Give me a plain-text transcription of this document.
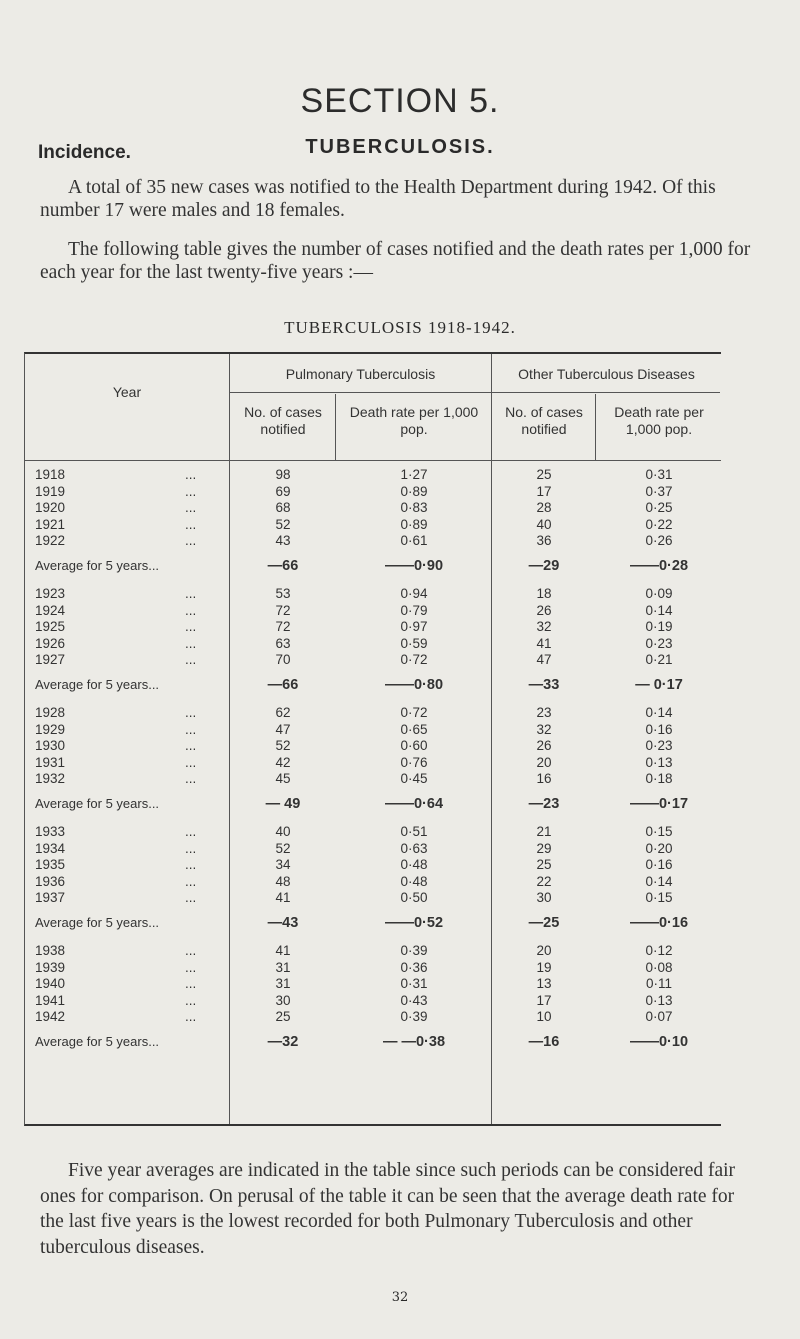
SECTION 5.
Incidence.	TUBERCULOSIS.
A total of 35 new cases was notified to the Health Department during 1942. Of this number 17 were males and 18 females.
The following table gives the number of cases notified and the death rates per 1,000 for each year for the last twenty-five years :—
TUBERCULOSIS 1918-1942.
Year
Pulmonary Tuberculosis	Other Tuberculous Diseases
No. of cases notified
Death rate per 1,000 pop.
No. of cases notified
Death rate per 1,000 pop.
1918	...	98	1·27	25	0·31
1919	...	69	0·89	17	0·37
1920	...	68	0·83	28	0·25
1921	...	52	0·89	40	0·22
1922	...	43	0·61	36	0·26
Average for 5 years...	—66	——0·90	—29	——0·28
1923	...	53	0·94	18	0·09
1924	...	72	0·79	26	0·14
1925	...	72	0·97	32	0·19
1926	...	63	0·59	41	0·23
1927	...	70	0·72	47	0·21
Average for 5 years...	—66	——0·80	—33	— 0·17
1928	...	62	0·72	23	0·14
1929	...	47	0·65	32	0·16
1930	...	52	0·60	26	0·23
1931	...	42	0·76	20	0·13
1932	...	45	0·45	16	0·18
Average for 5 years...	— 49	——0·64	—23	——0·17
1933	...	40	0·51	21	0·15
1934	...	52	0·63	29	0·20
1935	...	34	0·48	25	0·16
1936	...	48	0·48	22	0·14
1937	...	41	0·50	30	0·15
Average for 5 years...	—43	——0·52	—25	——0·16
1938	...	41	0·39	20	0·12
1939	...	31	0·36	19	0·08
1940	...	31	0·31	13	0·11
1941	...	30	0·43	17	0·13
1942	...	25	0·39	10	0·07
Average for 5 years...	—32	— —0·38	—16	——0·10
Five year averages are indicated in the table since such periods can be considered fair ones for comparison. On perusal of the table it can be seen that the average death rate for the last five years is the lowest recorded for both Pulmonary Tuberculosis and other tuberculous diseases.
32
